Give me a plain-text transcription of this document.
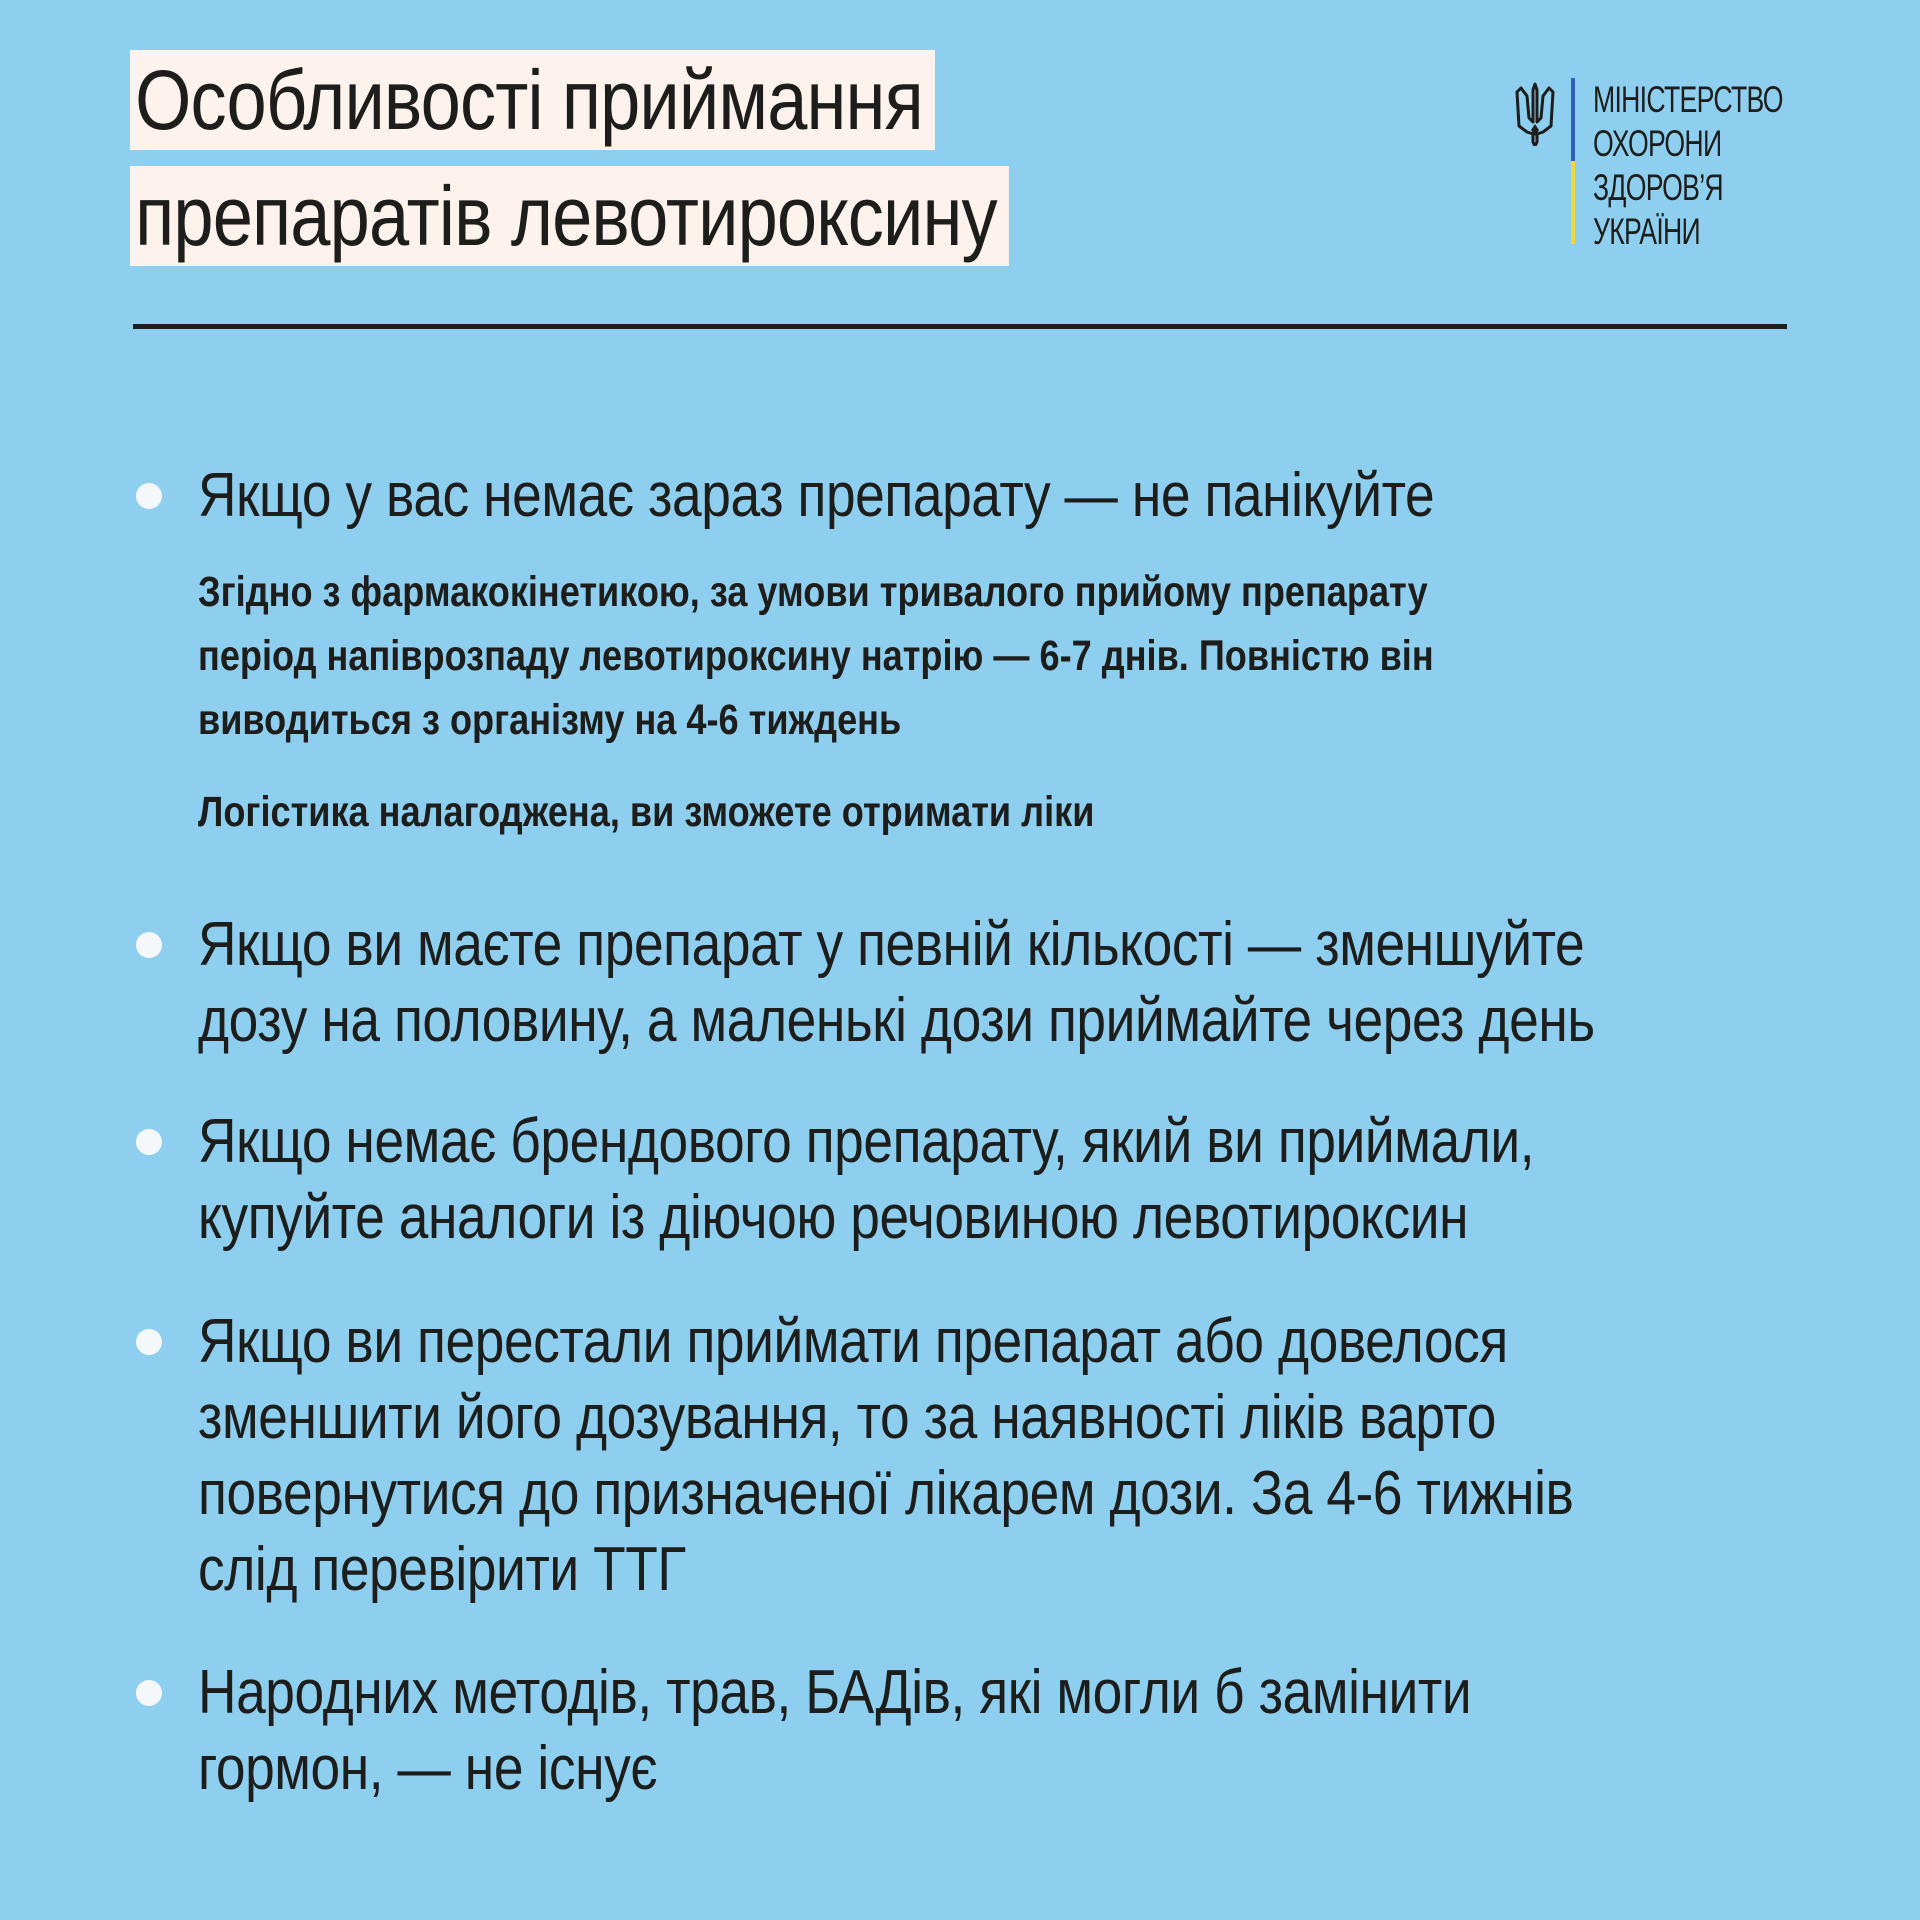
Особливості приймання
препаратів левотироксину
МІНІСТЕРСТВО
ОХОРОНИ
ЗДОРОВ’Я
УКРАЇНИ
Якщо у вас немає зараз препарату — не панікуйте
Згідно з фармакокінетикою, за умови тривалого прийому препарату
період напіврозпаду левотироксину натрію — 6-7 днів. Повністю він
виводиться з організму на 4-6 тиждень
Логістика налагоджена, ви зможете отримати ліки
Якщо ви маєте препарат у певній кількості — зменшуйте
дозу на половину, а маленькі дози приймайте через день
Якщо немає брендового препарату, який ви приймали,
купуйте аналоги із діючою речовиною левотироксин
Якщо ви перестали приймати препарат або довелося
зменшити його дозування, то за наявності ліків варто
повернутися до призначеної лікарем дози. За 4-6 тижнів
слід перевірити ТТГ
Народних методів, трав, БАДів, які могли б замінити
гормон, — не існує
